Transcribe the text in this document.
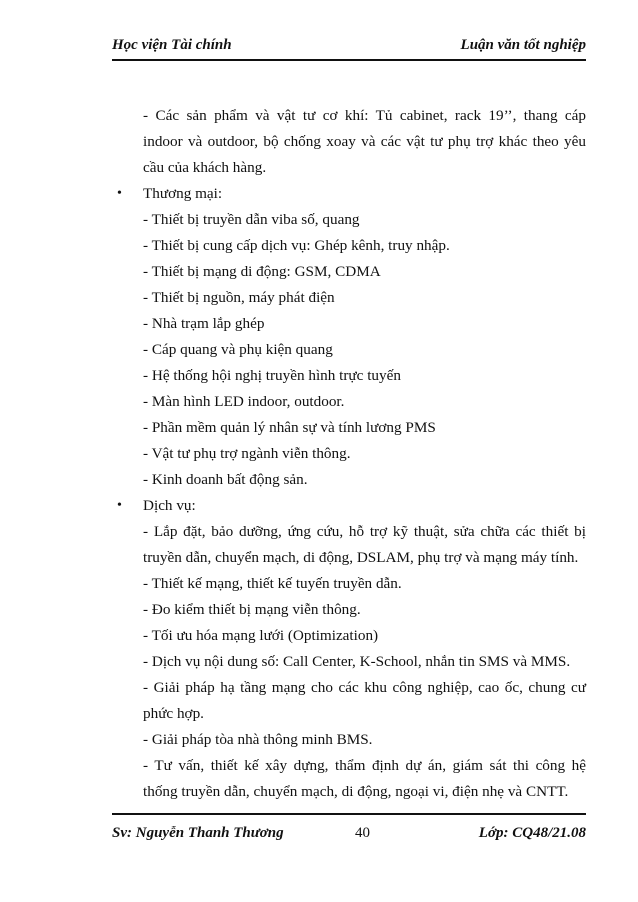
Học viện Tài chính	Luận văn tốt nghiệp
- Các sản phẩm và vật tư cơ khí: Tủ cabinet, rack 19’’, thang cáp
indoor và outdoor, bộ chống xoay và các vật tư phụ trợ khác theo yêu
cầu của khách hàng.
• Thương mại:
- Thiết bị truyền dẫn viba số, quang
- Thiết bị cung cấp dịch vụ: Ghép kênh, truy nhập.
- Thiết bị mạng di động: GSM, CDMA
- Thiết bị nguồn, máy phát điện
- Nhà trạm lắp ghép
- Cáp quang và phụ kiện quang
- Hệ thống hội nghị truyền hình trực tuyến
- Màn hình LED indoor, outdoor.
- Phần mềm quản lý nhân sự và tính lương PMS
- Vật tư phụ trợ ngành viễn thông.
- Kinh doanh bất động sản.
• Dịch vụ:
- Lắp đặt, bảo dưỡng, ứng cứu, hỗ trợ kỹ thuật, sửa chữa các thiết bị
truyền dẫn, chuyển mạch, di động, DSLAM, phụ trợ và mạng máy tính.
- Thiết kế mạng, thiết kế tuyến truyền dẫn.
- Đo kiểm thiết bị mạng viễn thông.
- Tối ưu hóa mạng lưới (Optimization)
- Dịch vụ nội dung số: Call Center, K-School, nhắn tin SMS và MMS.
- Giải pháp hạ tầng mạng cho các khu công nghiệp, cao ốc, chung cư
phức hợp.
- Giải pháp tòa nhà thông minh BMS.
- Tư vấn, thiết kế xây dựng, thẩm định dự án, giám sát thi công hệ
thống truyền dẫn, chuyển mạch, di động, ngoại vi, điện nhẹ và CNTT.
Sv: Nguyễn Thanh Thương	40	Lớp: CQ48/21.08
